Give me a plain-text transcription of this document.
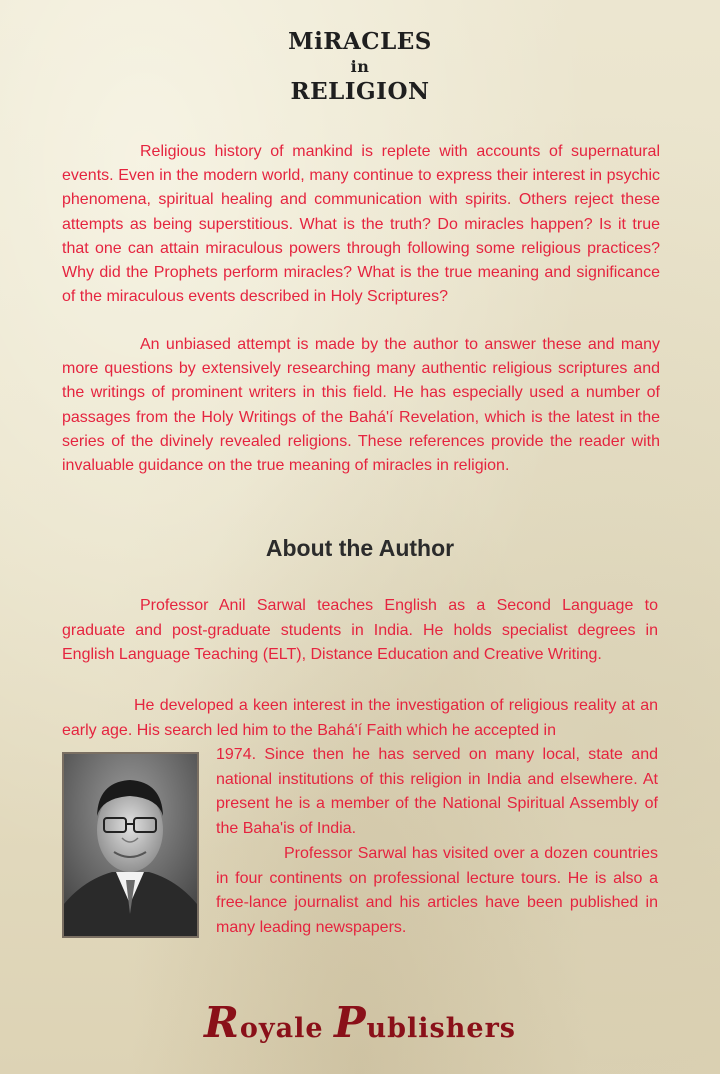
MiRACLES
in
RELIGION

Religious history of mankind is replete with accounts of supernatural events. Even in the modern world, many continue to express their interest in psychic phenomena, spiritual healing and communication with spirits. Others reject these attempts as being superstitious. What is the truth? Do miracles happen? Is it true that one can attain miraculous powers through following some religious practices? Why did the Prophets perform miracles? What is the true meaning and significance of the miraculous events described in Holy Scriptures?

An unbiased attempt is made by the author to answer these and many more questions by extensively researching many authentic religious scriptures and the writings of prominent writers in this field. He has especially used a number of passages from the Holy Writings of the Bahá'í Revelation, which is the latest in the series of the divinely revealed religions. These references provide the reader with invaluable guidance on the true meaning of miracles in religion.

About the Author

Professor Anil Sarwal teaches English as a Second Language to graduate and post-graduate students in India. He holds specialist degrees in English Language Teaching (ELT), Distance Education and Creative Writing.

He developed a keen interest in the investigation of religious reality at an early age. His search led him to the Bahá'í Faith which he accepted in

1974. Since then he has served on many local, state and national institutions of this religion in India and elsewhere. At present he is a member of the National Spiritual Assembly of the Baha'is of India.

Professor Sarwal has visited over a dozen countries in four continents on professional lecture tours. He is also a free-lance journalist and his articles have been published in many leading newspapers.

Royale Publishers
